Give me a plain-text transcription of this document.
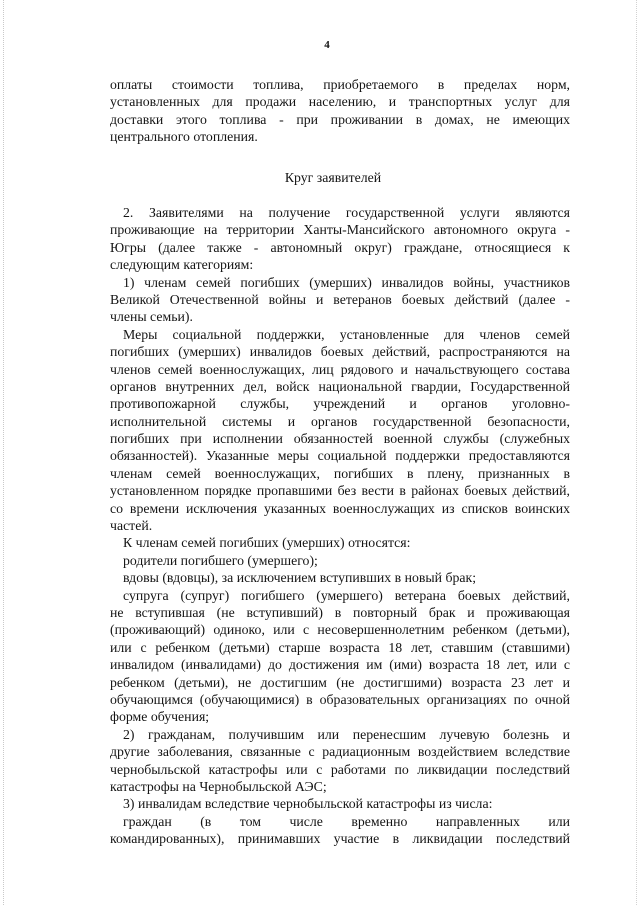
4
оплаты стоимости топлива, приобретаемого в пределах норм,
установленных для продажи населению, и транспортных услуг для
доставки этого топлива - при проживании в домах, не имеющих
центрального отопления.
Круг заявителей
2. Заявителями на получение государственной услуги являются
проживающие на территории Ханты-Мансийского автономного округа -
Югры (далее также - автономный округ) граждане, относящиеся к
следующим категориям:
1) членам семей погибших (умерших) инвалидов войны, участников
Великой Отечественной войны и ветеранов боевых действий (далее -
члены семьи).
Меры социальной поддержки, установленные для членов семей
погибших (умерших) инвалидов боевых действий, распространяются на
членов семей военнослужащих, лиц рядового и начальствующего состава
органов внутренних дел, войск национальной гвардии, Государственной
противопожарной службы, учреждений и органов уголовно-
исполнительной системы и органов государственной безопасности,
погибших при исполнении обязанностей военной службы (служебных
обязанностей). Указанные меры социальной поддержки предоставляются
членам семей военнослужащих, погибших в плену, признанных в
установленном порядке пропавшими без вести в районах боевых действий,
со времени исключения указанных военнослужащих из списков воинских
частей.
К членам семей погибших (умерших) относятся:
родители погибшего (умершего);
вдовы (вдовцы), за исключением вступивших в новый брак;
супруга (супруг) погибшего (умершего) ветерана боевых действий,
не вступившая (не вступивший) в повторный брак и проживающая
(проживающий) одиноко, или с несовершеннолетним ребенком (детьми),
или с ребенком (детьми) старше возраста 18 лет, ставшим (ставшими)
инвалидом (инвалидами) до достижения им (ими) возраста 18 лет, или с
ребенком (детьми), не достигшим (не достигшими) возраста 23 лет и
обучающимся (обучающимися) в образовательных организациях по очной
форме обучения;
2) гражданам, получившим или перенесшим лучевую болезнь и
другие заболевания, связанные с радиационным воздействием вследствие
чернобыльской катастрофы или с работами по ликвидации последствий
катастрофы на Чернобыльской АЭС;
3) инвалидам вследствие чернобыльской катастрофы из числа:
граждан (в том числе временно направленных или
командированных), принимавших участие в ликвидации последствий
